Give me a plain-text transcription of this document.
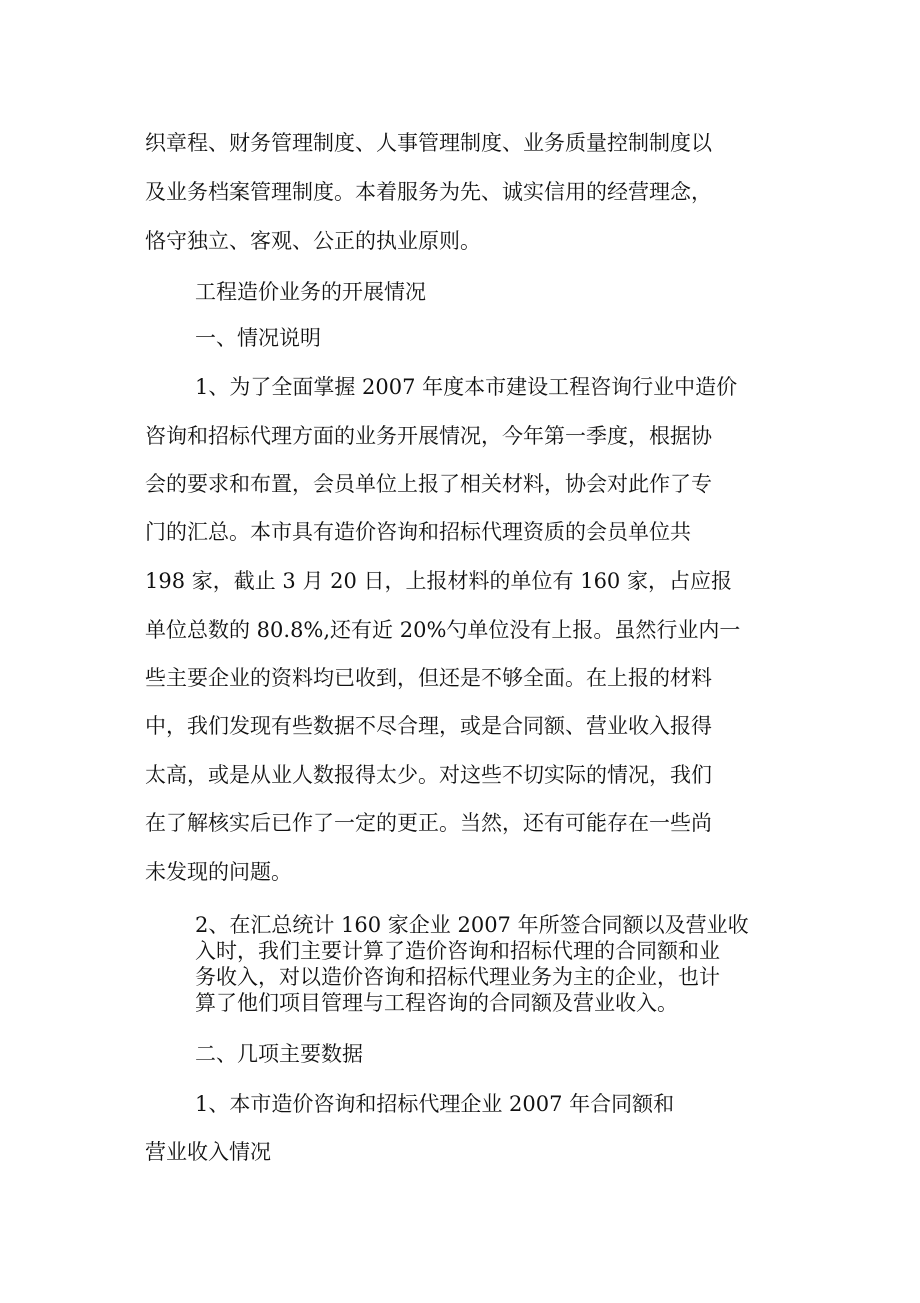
织章程、财务管理制度、人事管理制度、业务质量控制制度以
及业务档案管理制度。本着服务为先、诚实信用的经营理念，
恪守独立、客观、公正的执业原则。
工程造价业务的开展情况
一、情况说明
1、为了全面掌握 2007 年度本市建设工程咨询行业中造价
咨询和招标代理方面的业务开展情况，今年第一季度，根据协
会的要求和布置，会员单位上报了相关材料，协会对此作了专
门的汇总。本市具有造价咨询和招标代理资质的会员单位共
198 家，截止 3 月 20 日，上报材料的单位有 160 家，占应报
单位总数的 80.8%,还有近 20%勺单位没有上报。虽然行业内一
些主要企业的资料均已收到，但还是不够全面。在上报的材料
中，我们发现有些数据不尽合理，或是合同额、营业收入报得
太高，或是从业人数报得太少。对这些不切实际的情况，我们
在了解核实后已作了一定的更正。当然，还有可能存在一些尚
未发现的问题。
2、在汇总统计 160 家企业 2007 年所签合同额以及营业收
入时，我们主要计算了造价咨询和招标代理的合同额和业
务收入，对以造价咨询和招标代理业务为主的企业，也计
算了他们项目管理与工程咨询的合同额及营业收入。
二、几项主要数据
1、本市造价咨询和招标代理企业 2007 年合同额和
营业收入情况
